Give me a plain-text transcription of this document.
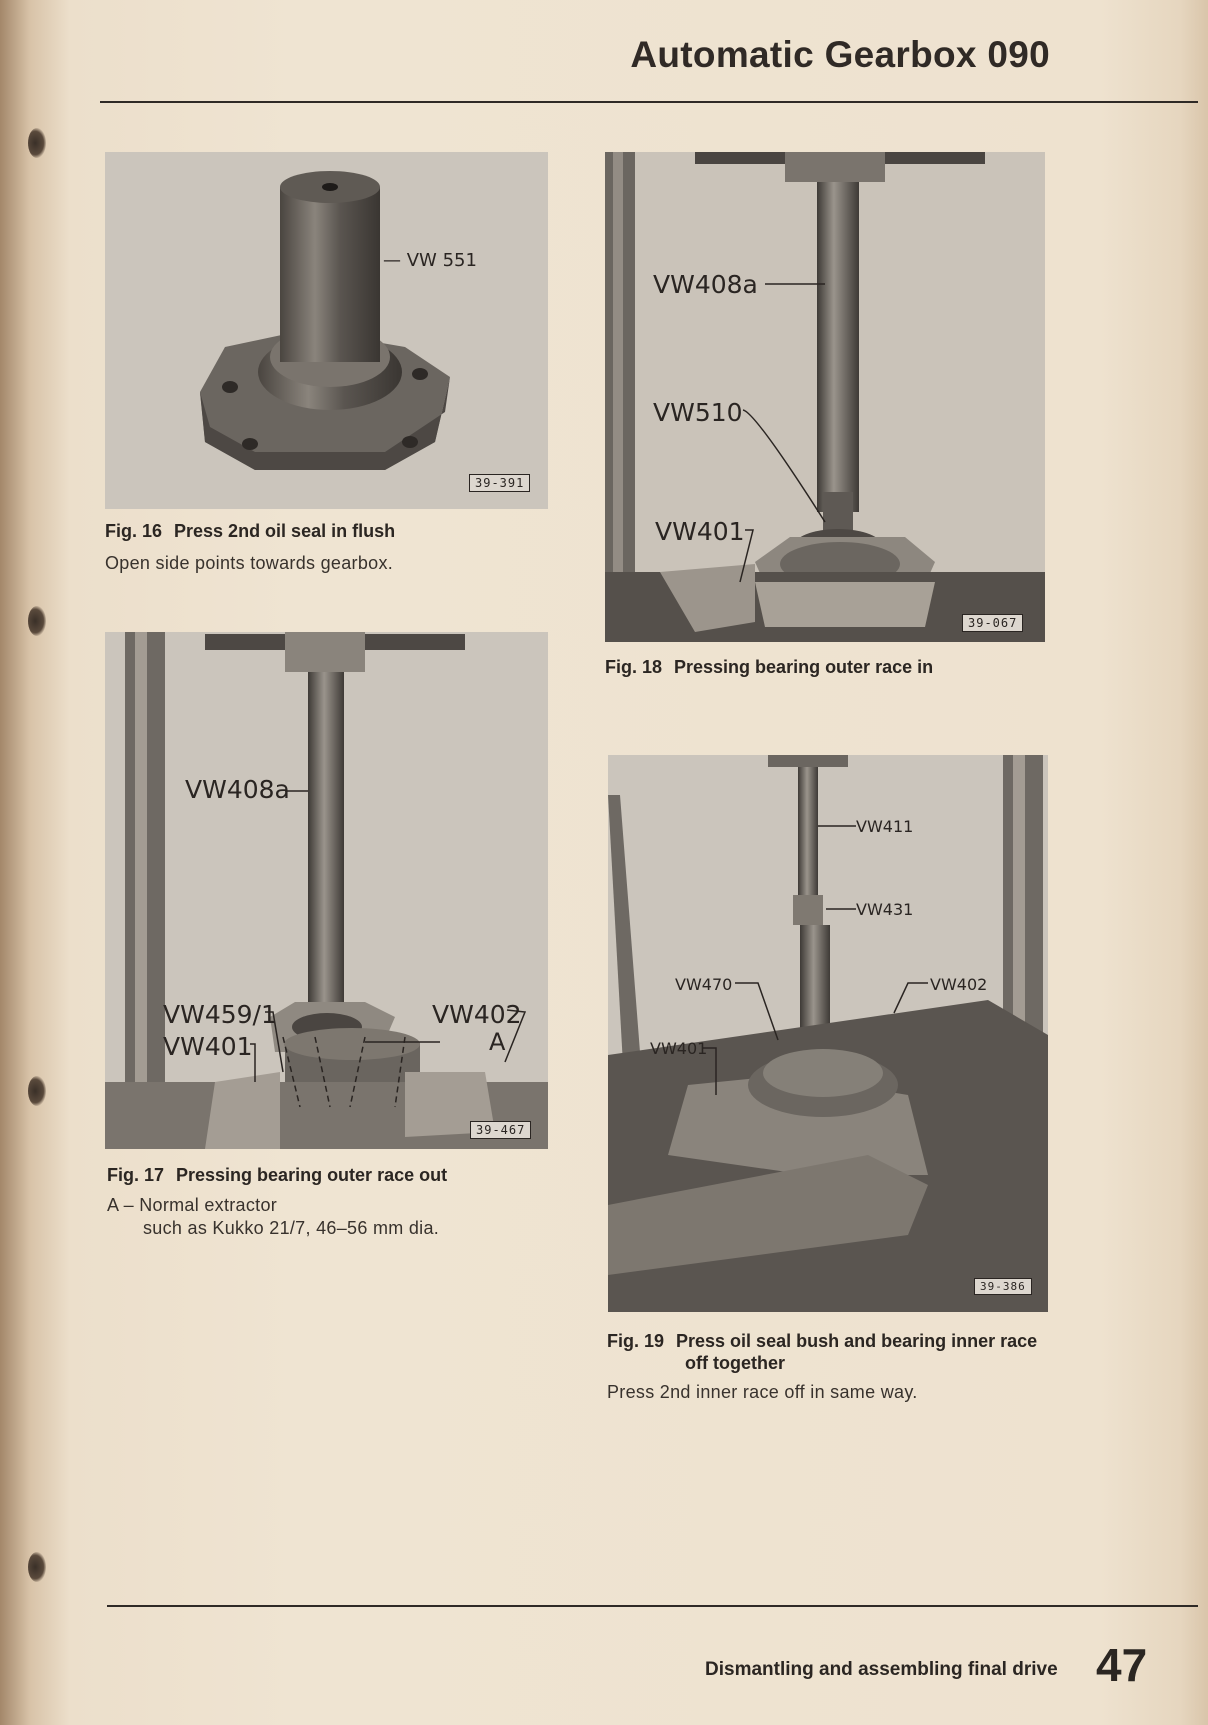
Automatic Gearbox 090
— VW 551
39-391
Fig. 16 Press 2nd oil seal in flush
Open side points towards gearbox.
VW408a
VW510
VW401
39-067
Fig. 18 Pressing bearing outer race in
VW408a
VW459/1
VW401
VW402
A
39-467
Fig. 17 Pressing bearing outer race out
A – Normal extractor
such as Kukko 21/7, 46–56 mm dia.
VW411
VW431
VW470	VW402
VW401
39-386
Fig. 19 Press oil seal bush and bearing inner race
off together
Press 2nd inner race off in same way.
Dismantling and assembling final drive 47
